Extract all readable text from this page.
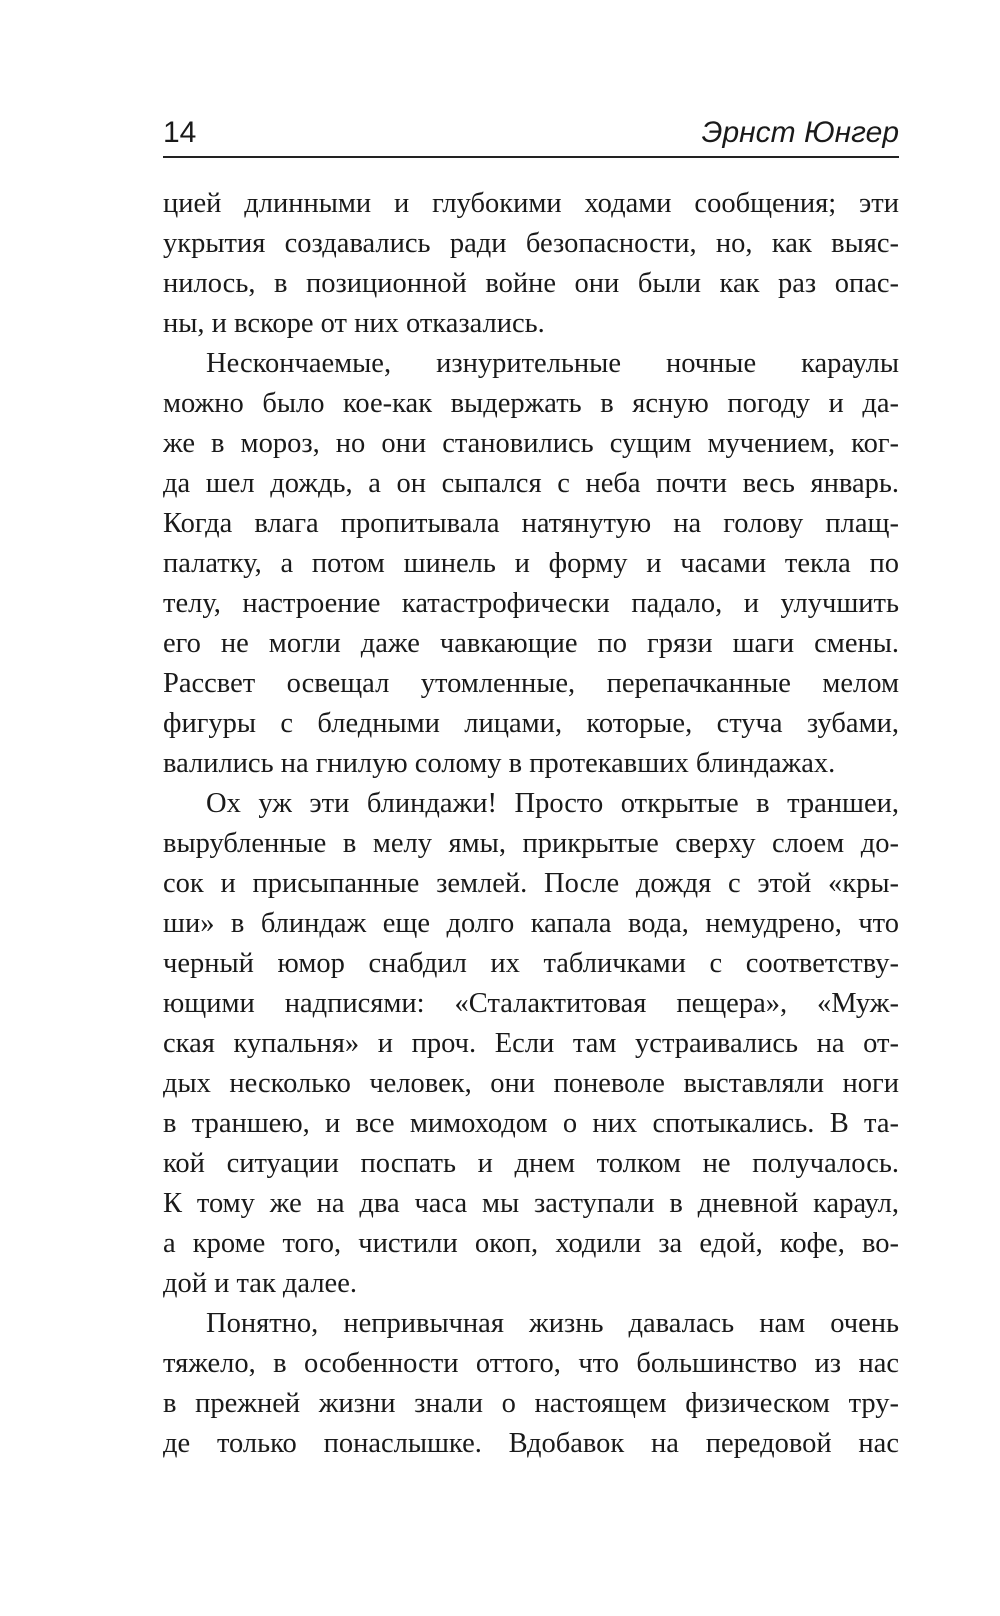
14	Эрнст Юнгер
цией длинными и глубокими ходами сообщения; эти
укрытия создавались ради безопасности, но, как выяс-
нилось, в позиционной войне они были как раз опас-
ны, и вскоре от них отказались.
Нескончаемые, изнурительные ночные караулы
можно было кое-как выдержать в ясную погоду и да-
же в мороз, но они становились сущим мучением, ког-
да шел дождь, а он сыпался с неба почти весь январь.
Когда влага пропитывала натянутую на голову плащ-
палатку, а потом шинель и форму и часами текла по
телу, настроение катастрофически падало, и улучшить
его не могли даже чавкающие по грязи шаги смены.
Рассвет освещал утомленные, перепачканные мелом
фигуры с бледными лицами, которые, стуча зубами,
валились на гнилую солому в протекавших блиндажах.
Ох уж эти блиндажи! Просто открытые в траншеи,
вырубленные в мелу ямы, прикрытые сверху слоем до-
сок и присыпанные землей. После дождя с этой «кры-
ши» в блиндаж еще долго капала вода, немудрено, что
черный юмор снабдил их табличками с соответству-
ющими надписями: «Сталактитовая пещера», «Муж-
ская купальня» и проч. Если там устраивались на от-
дых несколько человек, они поневоле выставляли ноги
в траншею, и все мимоходом о них спотыкались. В та-
кой ситуации поспать и днем толком не получалось.
К тому же на два часа мы заступали в дневной караул,
а кроме того, чистили окоп, ходили за едой, кофе, во-
дой и так далее.
Понятно, непривычная жизнь давалась нам очень
тяжело, в особенности оттого, что большинство из нас
в прежней жизни знали о настоящем физическом тру-
де только понаслышке. Вдобавок на передовой нас
